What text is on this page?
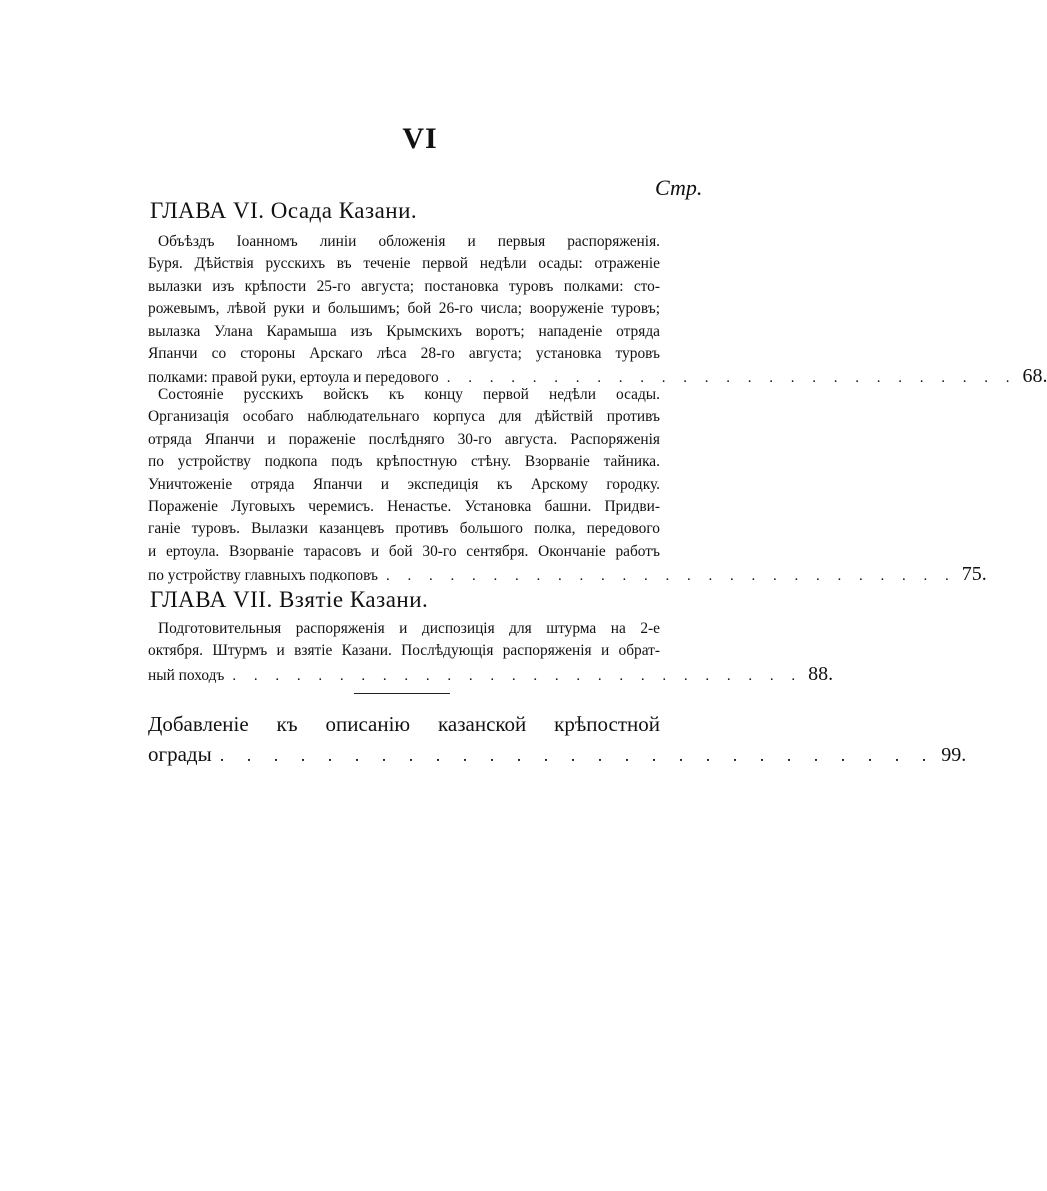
VI
Стр.
ГЛАВА VI. Осада Казани.
Объѣздъ Іоанномъ линіи обложенія и первыя распоряженія.
Буря. Дѣйствія русскихъ въ теченіе первой недѣли осады: отраженіе
вылазки изъ крѣпости 25-го августа; постановка туровъ полками: сто-
рожевымъ, лѣвой руки и большимъ; бой 26-го числа; вооруженіе туровъ;
вылазка Улана Карамыша изъ Крымскихъ воротъ; нападеніе отряда
Япанчи со стороны Арскаго лѣса 28-го августа; установка туровъ
полками: правой руки, ертоула и передового . . . . . . . . . . . . . . . . . . . . . . . . . . . 68.
Состояніе русскихъ войскъ къ концу первой недѣли осады.
Организація особаго наблюдательнаго корпуса для дѣйствій противъ
отряда Япанчи и пораженіе послѣдняго 30-го августа. Распоряженія
по устройству подкопа подъ крѣпостную стѣну. Взорваніе тайника.
Уничтоженіе отряда Япанчи и экспедиція къ Арскому городку.
Пораженіе Луговыхъ черемисъ. Ненастье. Установка башни. Придви-
ганіе туровъ. Вылазки казанцевъ противъ большого полка, передового
и ертоула. Взорваніе тарасовъ и бой 30-го сентября. Окончаніе работъ
по устройству главныхъ подкоповъ . . . . . . . . . . . . . . . . . . . . . . . . . . . 75.
ГЛАВА VII. Взятіе Казани.
Подготовительныя распоряженія и диспозиція для штурма на 2-е
октября. Штурмъ и взятіе Казани. Послѣдующія распоряженія и обрат-
ный походъ . . . . . . . . . . . . . . . . . . . . . . . . . . . 88.
Добавленіе къ описанію казанской крѣпостной
ограды . . . . . . . . . . . . . . . . . . . . . . . . . . . 99.
